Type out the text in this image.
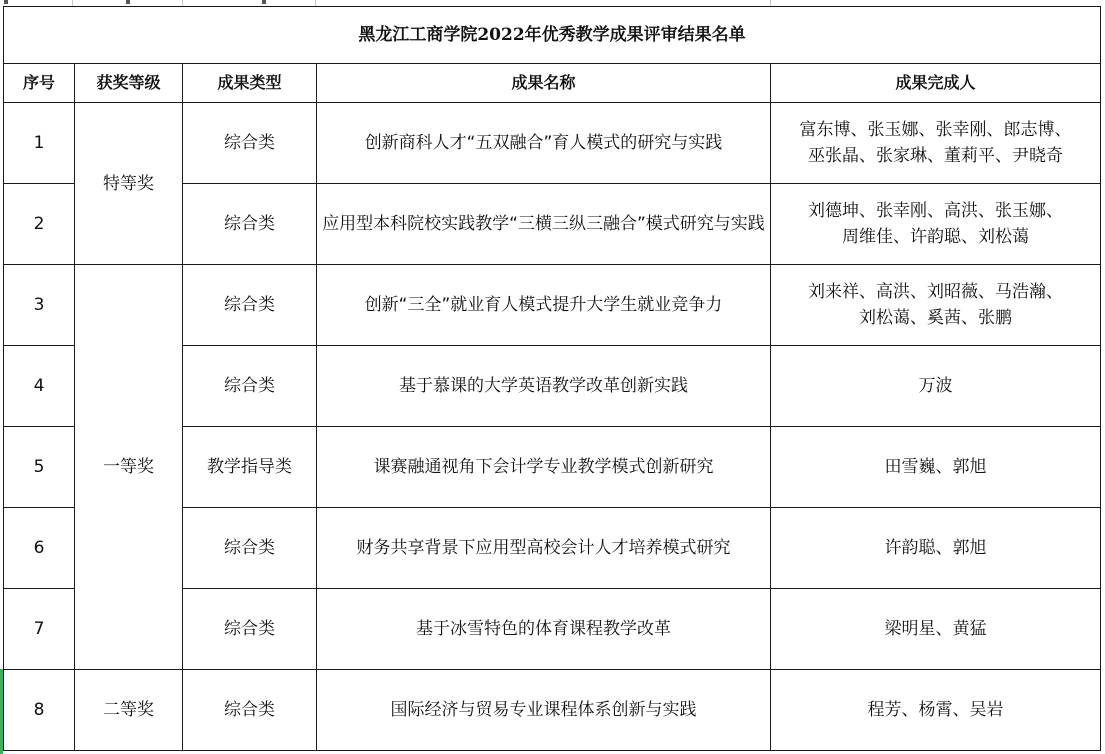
黑龙江工商学院2022年优秀教学成果评审结果名单				
序号	获奖等级	成果类型	成果名称	成果完成人
1	特等奖	综合类	创新商科人才“五双融合”育人模式的研究与实践	富东博、张玉娜、张幸刚、郎志博、
巫张晶、张家琳、董莉平、尹晓奇

2		综合类	应用型本科院校实践教学“三横三纵三融合”模式研究与实践	刘德坤、张幸刚、高洪、张玉娜、
周维佳、许韵聪、刘松蔼

3	一等奖	综合类	创新“三全”就业育人模式提升大学生就业竞争力	刘来祥、高洪、刘昭薇、马浩瀚、
刘松蔼、奚茜、张鹏

4		综合类	基于慕课的大学英语教学改革创新实践	万波

5		教学指导类	课赛融通视角下会计学专业教学模式创新研究	田雪巍、郭旭

6		综合类	财务共享背景下应用型高校会计人才培养模式研究	许韵聪、郭旭

7		综合类	基于冰雪特色的体育课程教学改革	梁明星、黄猛

8	二等奖	综合类	国际经济与贸易专业课程体系创新与实践	程芳、杨霄、吴岩
